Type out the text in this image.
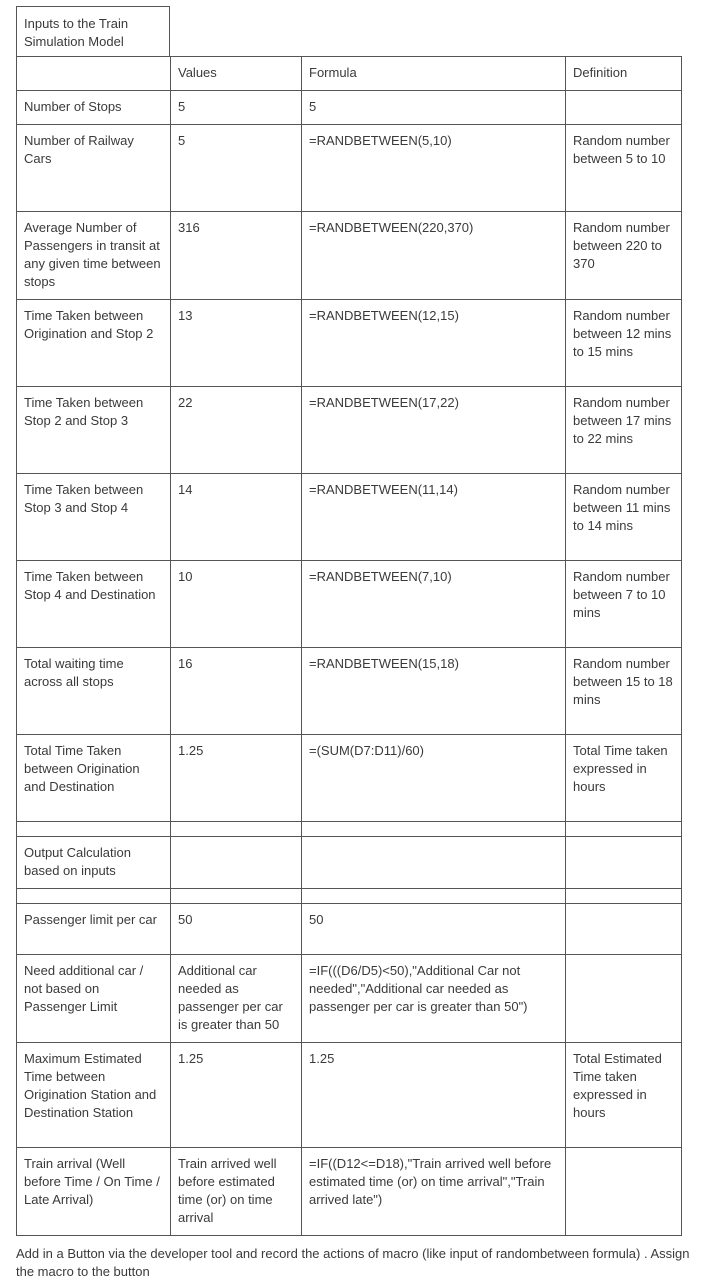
Inputs to the Train Simulation Model
	Values	Formula	Definition
Number of Stops	5	5	
Number of Railway Cars	5	=RANDBETWEEN(5,10)	Random number between 5 to 10
Average Number of Passengers in transit at any given time between stops	316	=RANDBETWEEN(220,370)	Random number between 220 to 370
Time Taken between Origination and Stop 2	13	=RANDBETWEEN(12,15)	Random number between 12 mins to 15 mins
Time Taken between Stop 2 and Stop 3	22	=RANDBETWEEN(17,22)	Random number between 17 mins to 22 mins
Time Taken between Stop 3 and Stop 4	14	=RANDBETWEEN(11,14)	Random number between 11 mins to 14 mins
Time Taken between Stop 4 and Destination	10	=RANDBETWEEN(7,10)	Random number between 7 to 10 mins
Total waiting time across all stops	16	=RANDBETWEEN(15,18)	Random number between 15 to 18 mins
Total Time Taken between Origination and Destination	1.25	=(SUM(D7:D11)/60)	Total Time taken expressed in hours

Output Calculation based on inputs			

Passenger limit per car	50	50	
Need additional car / not based on Passenger Limit	Additional car needed as passenger per car is greater than 50	=IF(((D6/D5)<50),"Additional Car not needed","Additional car needed as passenger per car is greater than 50")	
Maximum Estimated Time between Origination Station and Destination Station	1.25	1.25	Total Estimated Time taken expressed in hours
Train arrival (Well before Time / On Time / Late Arrival)	Train arrived well before estimated time (or) on time arrival	=IF((D12<=D18),"Train arrived well before estimated time (or) on time arrival","Train arrived late")	
Add in a Button via the developer tool and record the actions of macro (like input of randombetween formula) . Assign the macro to the button
